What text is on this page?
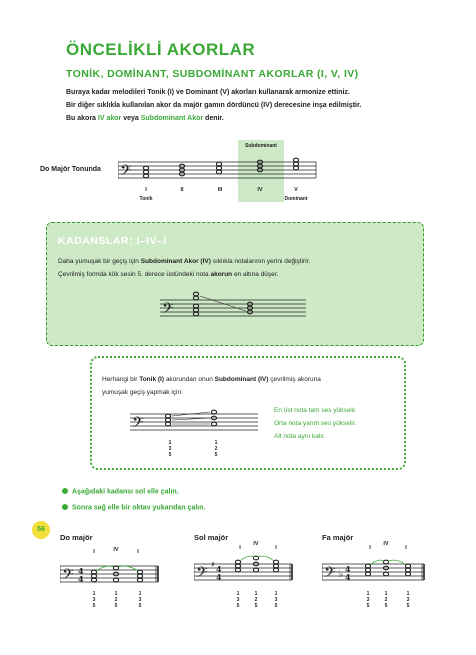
ÖNCELİKLİ AKORLAR
TONİK, DOMİNANT, SUBDOMİNANT AKORLAR (I, V, IV)
Buraya kadar melodileri Tonik (I) ve Dominant (V) akorları kullanarak armonize ettiniz.
Bir diğer sıklıkla kullanılan akor da majör gamın dördüncü (IV) derecesine inşa edilmiştir.
Bu akora IV akor veya Subdominant Akor denir.
Subdominant
Do Majör Tonunda 𝄢
I	II	III	IV	V
Tonik	Dominant
KADANSLAR: I–IV–I
Daha yumuşak bir geçiş için Subdominant Akor (IV) sıklıkla notalarının yerini değiştirir.
Çevrilmiş formda kök sesin 5. derece üstündeki nota akorun en altına düşer.
𝄢
Herhangi bir Tonik (I) akorundan onun Subdominant (IV) çevrilmiş akoruna
yumuşak geçiş yapmak için:
𝄢
1
3
5
1
2
5
En üst nota tam ses yükselir.
Orta nota yarım ses yükselir.
Alt nota aynı kalır.
Aşağıdaki kadansı sol elle çalın.
Sonra sağ elle bir oktav yukarıdan çalın.
56
Do majör	Sol majör	Fa majör
I	IV	I
𝄢 4
4
1
3
5
1
2
5
1
3
5
I
IV
I
𝄢 ♯ 4
4
1
3
5
1
2
5
1
3
5
I
IV
I
𝄢 ♭
4
4
1
3
5
1
2
5
1
3
5
